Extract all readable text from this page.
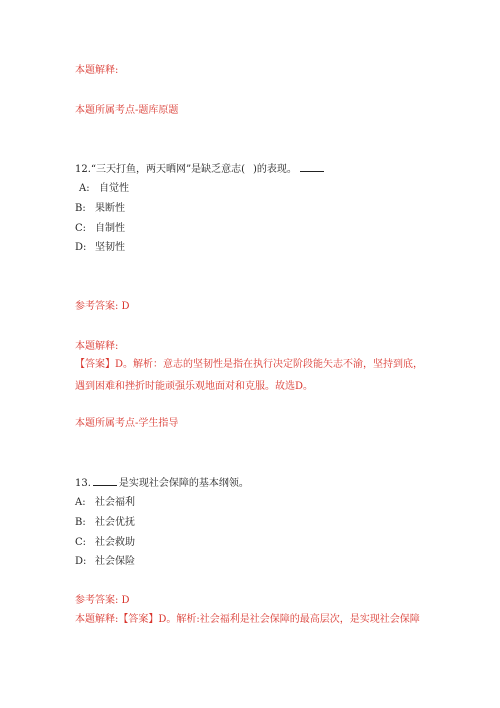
本题解释:
本题所属考点-题库原题
12.“三天打鱼，两天晒网”是缺乏意志( )的表现。
A: 自觉性
B: 果断性
C: 自制性
D: 坚韧性
参考答案: D
本题解释:
【答案】D。解析：意志的坚韧性是指在执行决定阶段能矢志不渝，坚持到底，遇到困难和挫折时能顽强乐观地面对和克服。故选D。
本题所属考点-学生指导
13.	是实现社会保障的基本纲领。
A: 社会福利
B: 社会优抚
C: 社会救助
D: 社会保险
参考答案: D
本题解释:【答案】D。解析:社会福利是社会保障的最高层次，是实现社会保障
